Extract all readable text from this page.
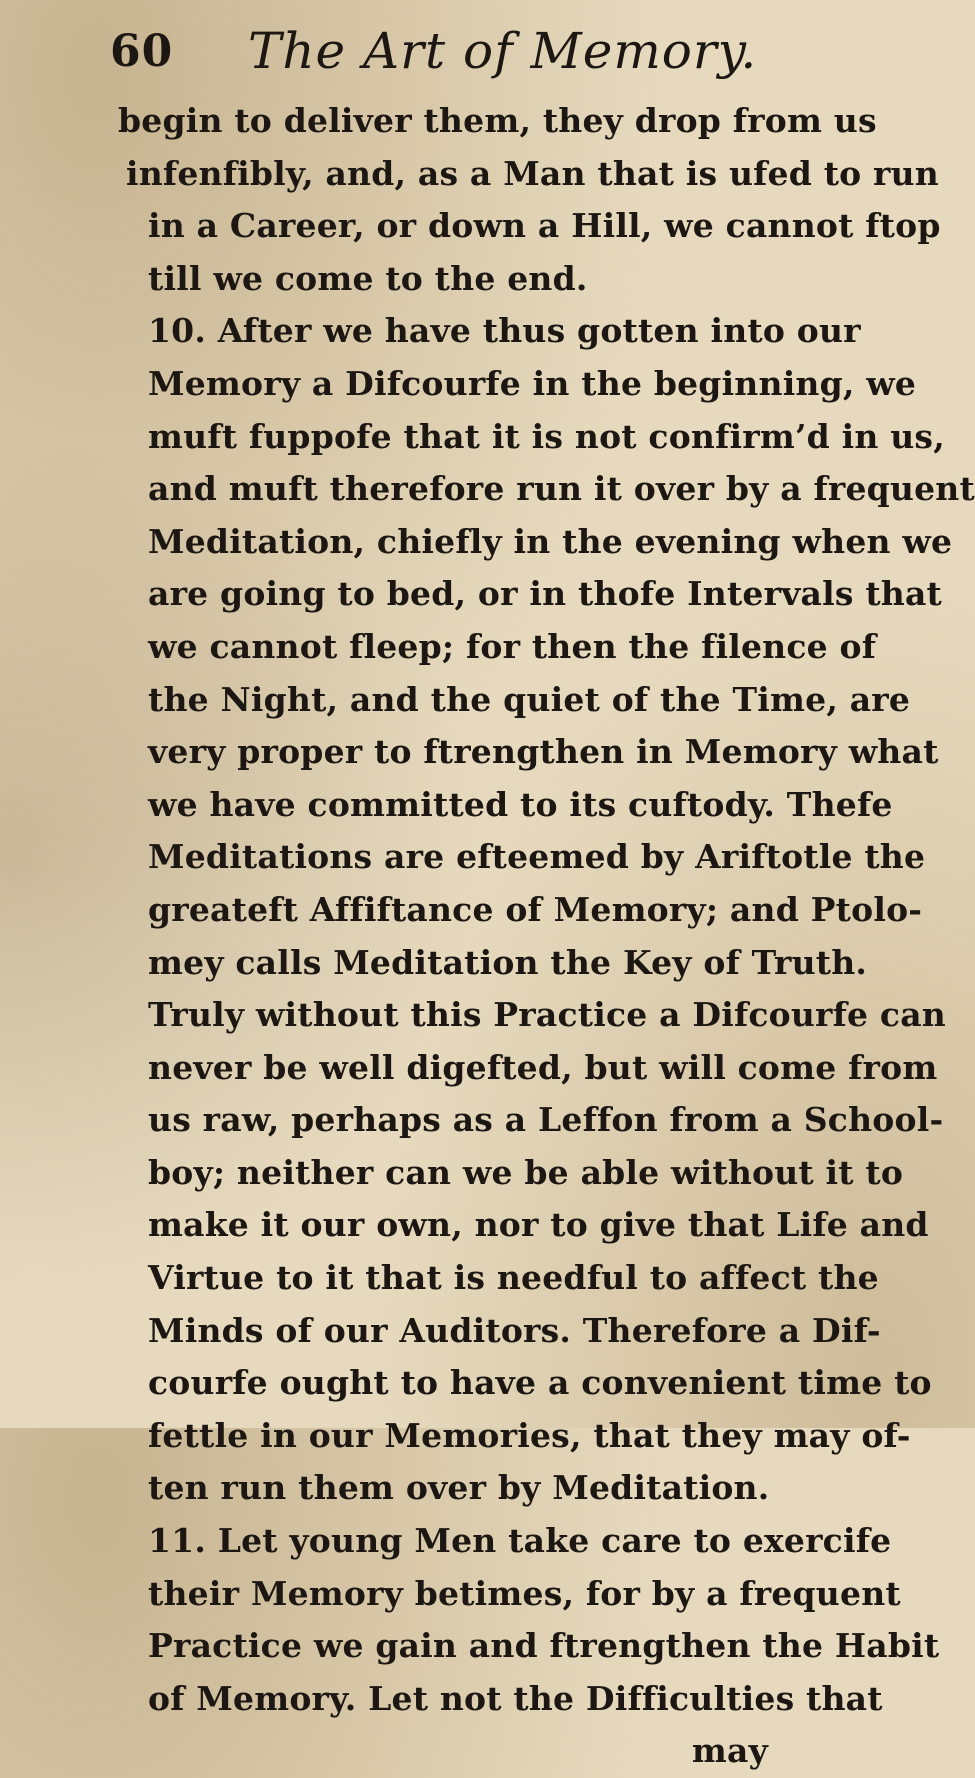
60 The Art of Memory.
begin to deliver them, they drop from us
infenfibly, and, as a Man that is ufed to run
in a Career, or down a Hill, we cannot ftop
till we come to the end.
10. After we have thus gotten into our
Memory a Difcourfe in the beginning, we
muft fuppofe that it is not confirm’d in us,
and muft therefore run it over by a frequent
Meditation, chiefly in the evening when we
are going to bed, or in thofe Intervals that
we cannot fleep; for then the filence of
the Night, and the quiet of the Time, are
very proper to ftrengthen in Memory what
we have committed to its cuftody. Thefe
Meditations are efteemed by Ariftotle the
greateft Affiftance of Memory; and Ptolo-
mey calls Meditation the Key of Truth.
Truly without this Practice a Difcourfe can
never be well digefted, but will come from
us raw, perhaps as a Leffon from a School-
boy; neither can we be able without it to
make it our own, nor to give that Life and
Virtue to it that is needful to affect the
Minds of our Auditors. Therefore a Dif-
courfe ought to have a convenient time to
fettle in our Memories, that they may of-
ten run them over by Meditation.
11. Let young Men take care to exercife
their Memory betimes, for by a frequent
Practice we gain and ftrengthen the Habit
of Memory. Let not the Difficulties that
may
